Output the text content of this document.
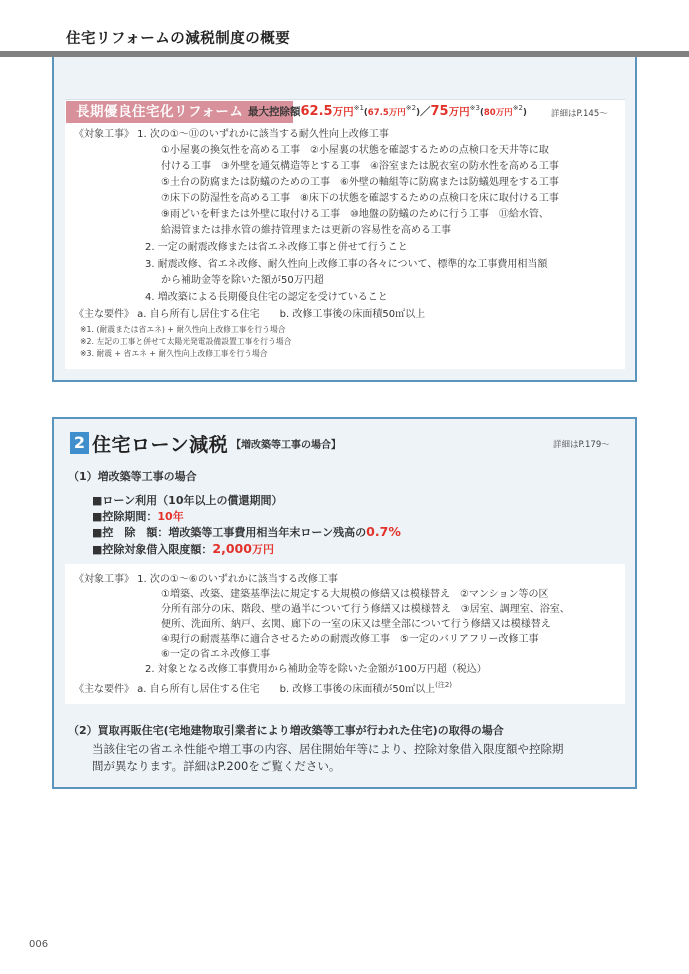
住宅リフォームの減税制度の概要
長期優良住宅化リフォーム 最大控除額62.5万円$^{※1}$(67.5万円$^{※2}$)／75万円$^{※3}$(80万円$^{※2}$)	詳細はP.145～
《対象工事》 1. 次の①～⑪のいずれかに該当する耐久性向上改修工事
①小屋裏の換気性を高める工事　②小屋裏の状態を確認するための点検口を天井等に取
付ける工事　③外壁を通気構造等とする工事　④浴室または脱衣室の防水性を高める工事
⑤土台の防腐または防蟻のための工事　⑥外壁の軸組等に防腐または防蟻処理をする工事
⑦床下の防湿性を高める工事　⑧床下の状態を確認するための点検口を床に取付ける工事
⑨雨どいを軒または外壁に取付ける工事　⑩地盤の防蟻のために行う工事　⑪給水管、
給湯管または排水管の維持管理または更新の容易性を高める工事
2. 一定の耐震改修または省エネ改修工事と併せて行うこと
3. 耐震改修、省エネ改修、耐久性向上改修工事の各々について、標準的な工事費用相当額
から補助金等を除いた額が50万円超
4. 増改築による長期優良住宅の認定を受けていること
《主な要件》 a. 自ら所有し居住する住宅　　b. 改修工事後の床面積50㎡以上
※1. (耐震または省エネ) + 耐久性向上改修工事を行う場合
※2. 左記の工事と併せて太陽光発電設備設置工事を行う場合
※3. 耐震 + 省エネ + 耐久性向上改修工事を行う場合
2 住宅ローン減税 【増改築等工事の場合】	詳細はP.179～
（1）増改築等工事の場合
■ローン利用（10年以上の償還期間）
■控除期間：10年
■控　除　額：増改築等工事費用相当年末ローン残高の0.7%
■控除対象借入限度額：2,000万円
《対象工事》 1. 次の①～⑥のいずれかに該当する改修工事
①増築、改築、建築基準法に規定する大規模の修繕又は模様替え　②マンション等の区
分所有部分の床、階段、壁の過半について行う修繕又は模様替え　③居室、調理室、浴室、
便所、洗面所、納戸、玄関、廊下の一室の床又は壁全部について行う修繕又は模様替え
④現行の耐震基準に適合させるための耐震改修工事　⑤一定のバリアフリー改修工事
⑥一定の省エネ改修工事
2. 対象となる改修工事費用から補助金等を除いた金額が100万円超（税込）
《主な要件》 a. 自ら所有し居住する住宅　　b. 改修工事後の床面積が50㎡以上$^{(注2)}$
（2）買取再販住宅(宅地建物取引業者により増改築等工事が行われた住宅)の取得の場合
当該住宅の省エネ性能や増工事の内容、居住開始年等により、控除対象借入限度額や控除期
間が異なります。詳細はP.200をご覧ください。
006
